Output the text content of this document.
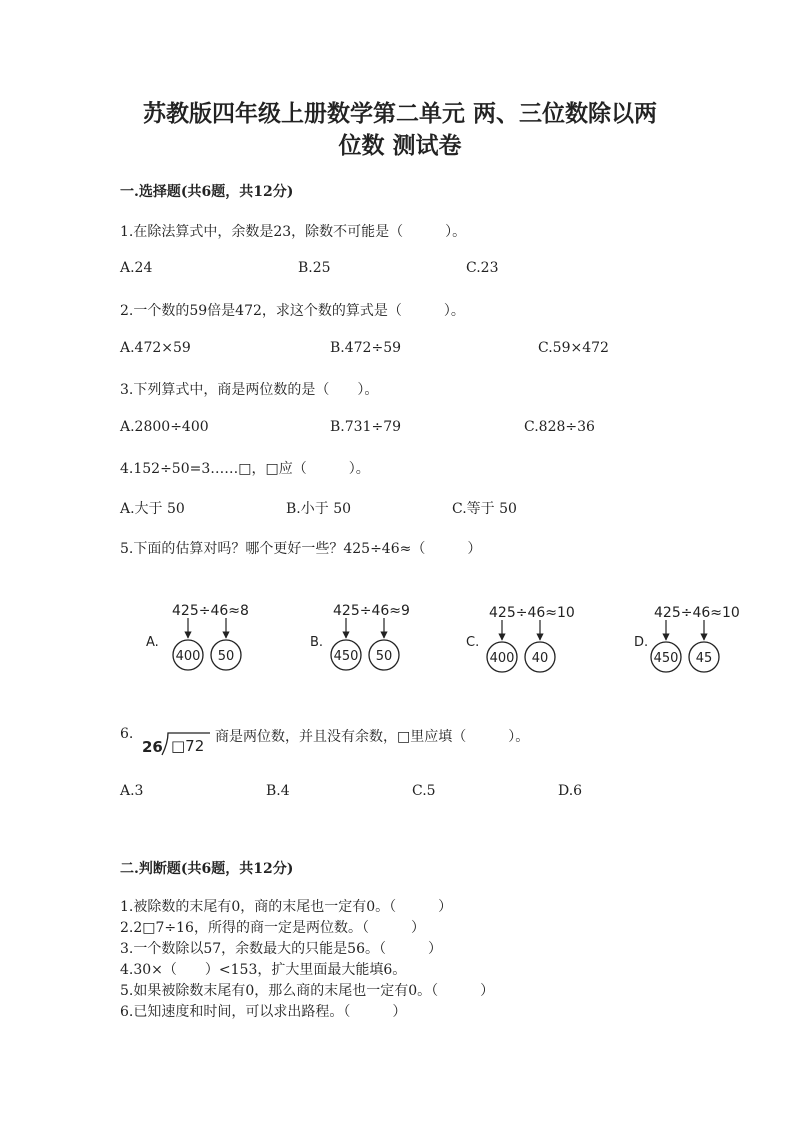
苏教版四年级上册数学第二单元 两、三位数除以两
位数 测试卷
一.选择题(共6题，共12分)
1.在除法算式中，余数是23，除数不可能是（　　　）。
A.24	B.25	C.23
2.一个数的59倍是472，求这个数的算式是（　　　）。
A.472×59	B.472÷59	C.59×472
3.下列算式中，商是两位数的是（　　）。
A.2800÷400	B.731÷79	C.828÷36
4.152÷50=3……□，□应（　　　）。
A.大于 50	B.小于 50	C.等于 50
5.下面的估算对吗？哪个更好一些？425÷46≈（　　　）
A.
425÷46≈8
400 50
B.
425÷46≈9
450 50
C.
425÷46≈10
400 40
D.
425÷46≈10
450 45
6.
26 □72 商是两位数，并且没有余数，□里应填（　　　）。
A.3	B.4	C.5	D.6
二.判断题(共6题，共12分)
1.被除数的末尾有0，商的末尾也一定有0。（　　　）
2.2□7÷16，所得的商一定是两位数。（　　　）
3.一个数除以57，余数最大的只能是56。（　　　）
4.30×（　　）<153，扩大里面最大能填6。
5.如果被除数末尾有0，那么商的末尾也一定有0。（　　　）
6.已知速度和时间，可以求出路程。（　　　）
